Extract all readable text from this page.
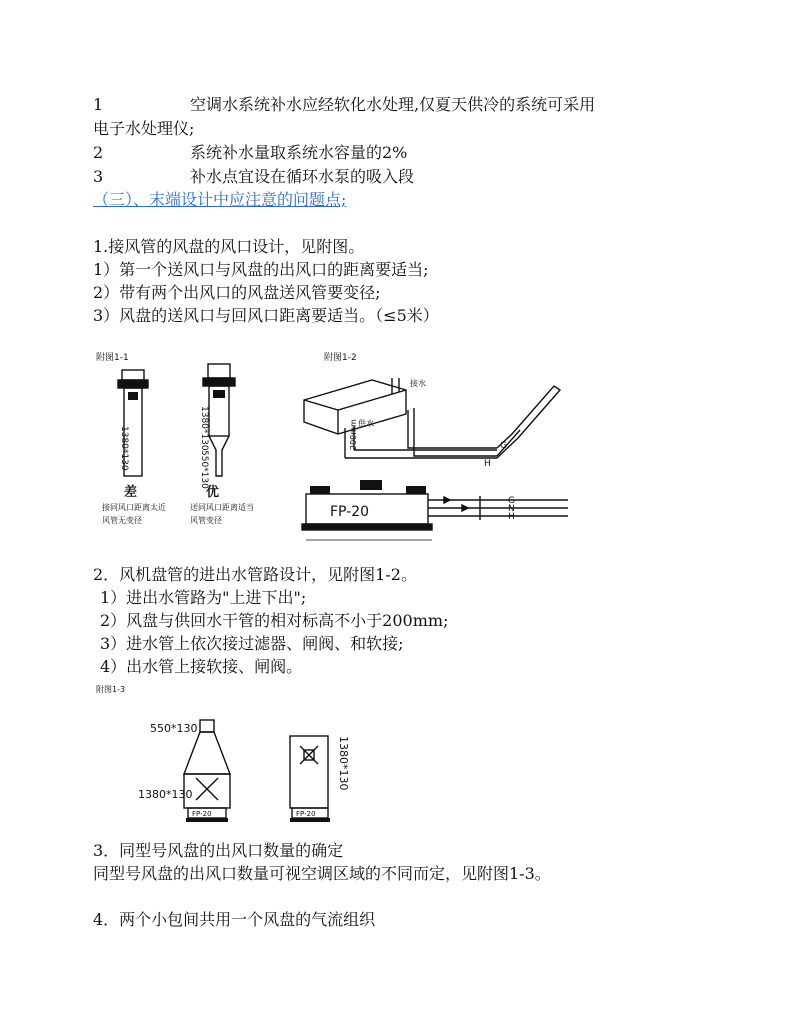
1	空调水系统补水应经软化水处理,仅夏天供冷的系统可采用
电子水处理仪;
2	系统补水量取系统水容量的2%
3	补水点宜设在循环水泵的吸入段
（三）、末端设计中应注意的问题点;
1.接风管的风盘的风口设计，见附图。
1）第一个送风口与风盘的出风口的距离要适当;
2）带有两个出风口的风盘送风管要变径;
3）风盘的送风口与回风口距离要适当。（≤5米）
附图1-1	附图1-2
1380*130	1380*130
550*130
差	优
接同风口距离太近
风管无变径
送同风口距离适当
风管变径
FP-20
接水
供水
200mm	G
H
G
N
H
2．风机盘管的进出水管路设计，见附图1-2。
1）进出水管路为"上进下出";
2）风盘与供回水干管的相对标高不小于200mm;
3）进水管上依次接过滤器、闸阀、和软接;
4）出水管上接软接、闸阀。
附图1-3
550*130
1380*130
1380*130
FP-20	FP-20
3．同型号风盘的出风口数量的确定
同型号风盘的出风口数量可视空调区域的不同而定，见附图1-3。
4．两个小包间共用一个风盘的气流组织
